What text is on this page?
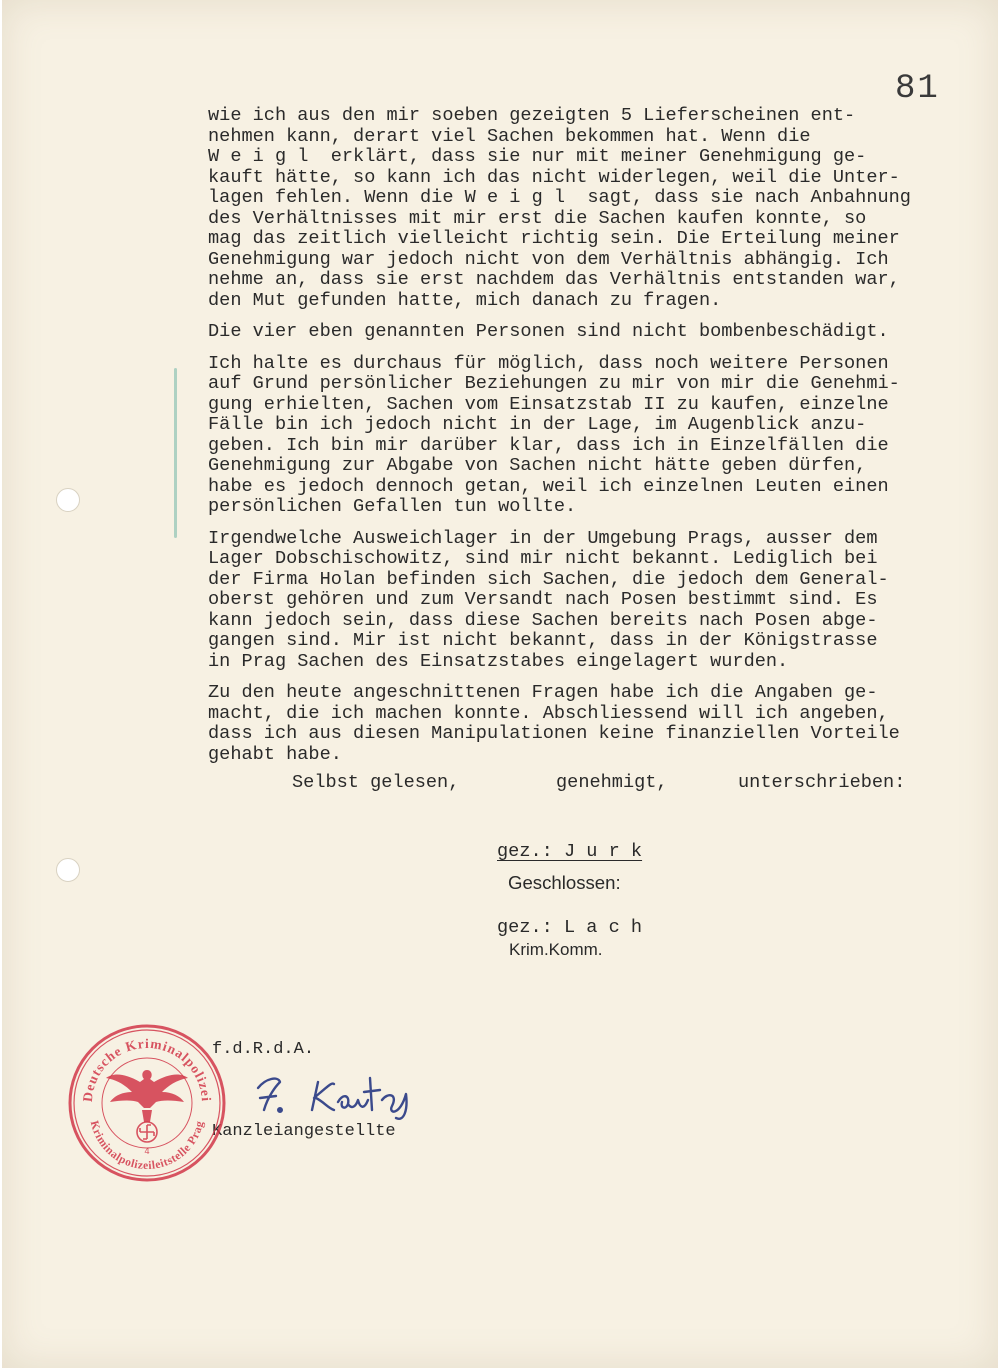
81
wie ich aus den mir soeben gezeigten 5 Lieferscheinen ent-
nehmen kann, derart viel Sachen bekommen hat. Wenn die
W e i g l  erklärt, dass sie nur mit meiner Genehmigung ge-
kauft hätte, so kann ich das nicht widerlegen, weil die Unter-
lagen fehlen. Wenn die W e i g l  sagt, dass sie nach Anbahnung
des Verhältnisses mit mir erst die Sachen kaufen konnte, so
mag das zeitlich vielleicht richtig sein. Die Erteilung meiner
Genehmigung war jedoch nicht von dem Verhältnis abhängig. Ich
nehme an, dass sie erst nachdem das Verhältnis entstanden war,
den Mut gefunden hatte, mich danach zu fragen.
Die vier eben genannten Personen sind nicht bombenbeschädigt.
Ich halte es durchaus für möglich, dass noch weitere Personen
auf Grund persönlicher Beziehungen zu mir von mir die Genehmi-
gung erhielten, Sachen vom Einsatzstab II zu kaufen, einzelne
Fälle bin ich jedoch nicht in der Lage, im Augenblick anzu-
geben. Ich bin mir darüber klar, dass ich in Einzelfällen die
Genehmigung zur Abgabe von Sachen nicht hätte geben dürfen,
habe es jedoch dennoch getan, weil ich einzelnen Leuten einen
persönlichen Gefallen tun wollte.
Irgendwelche Ausweichlager in der Umgebung Prags, ausser dem
Lager Dobschischowitz, sind mir nicht bekannt. Lediglich bei
der Firma Holan befinden sich Sachen, die jedoch dem General-
oberst gehören und zum Versandt nach Posen bestimmt sind. Es
kann jedoch sein, dass diese Sachen bereits nach Posen abge-
gangen sind. Mir ist nicht bekannt, dass in der Königstrasse
in Prag Sachen des Einsatzstabes eingelagert wurden.
Zu den heute angeschnittenen Fragen habe ich die Angaben ge-
macht, die ich machen konnte. Abschliessend will ich angeben,
dass ich aus diesen Manipulationen keine finanziellen Vorteile
gehabt habe.
Selbst gelesen,	genehmigt,	unterschrieben:
gez.: J u r k
Geschlossen:
gez.: L a c h
Krim.Komm.
f.d.R.d.A.
Kanzleiangestellte
Deutsche Kriminalpolizei
Kriminalpolizeileitstelle Prag
4
